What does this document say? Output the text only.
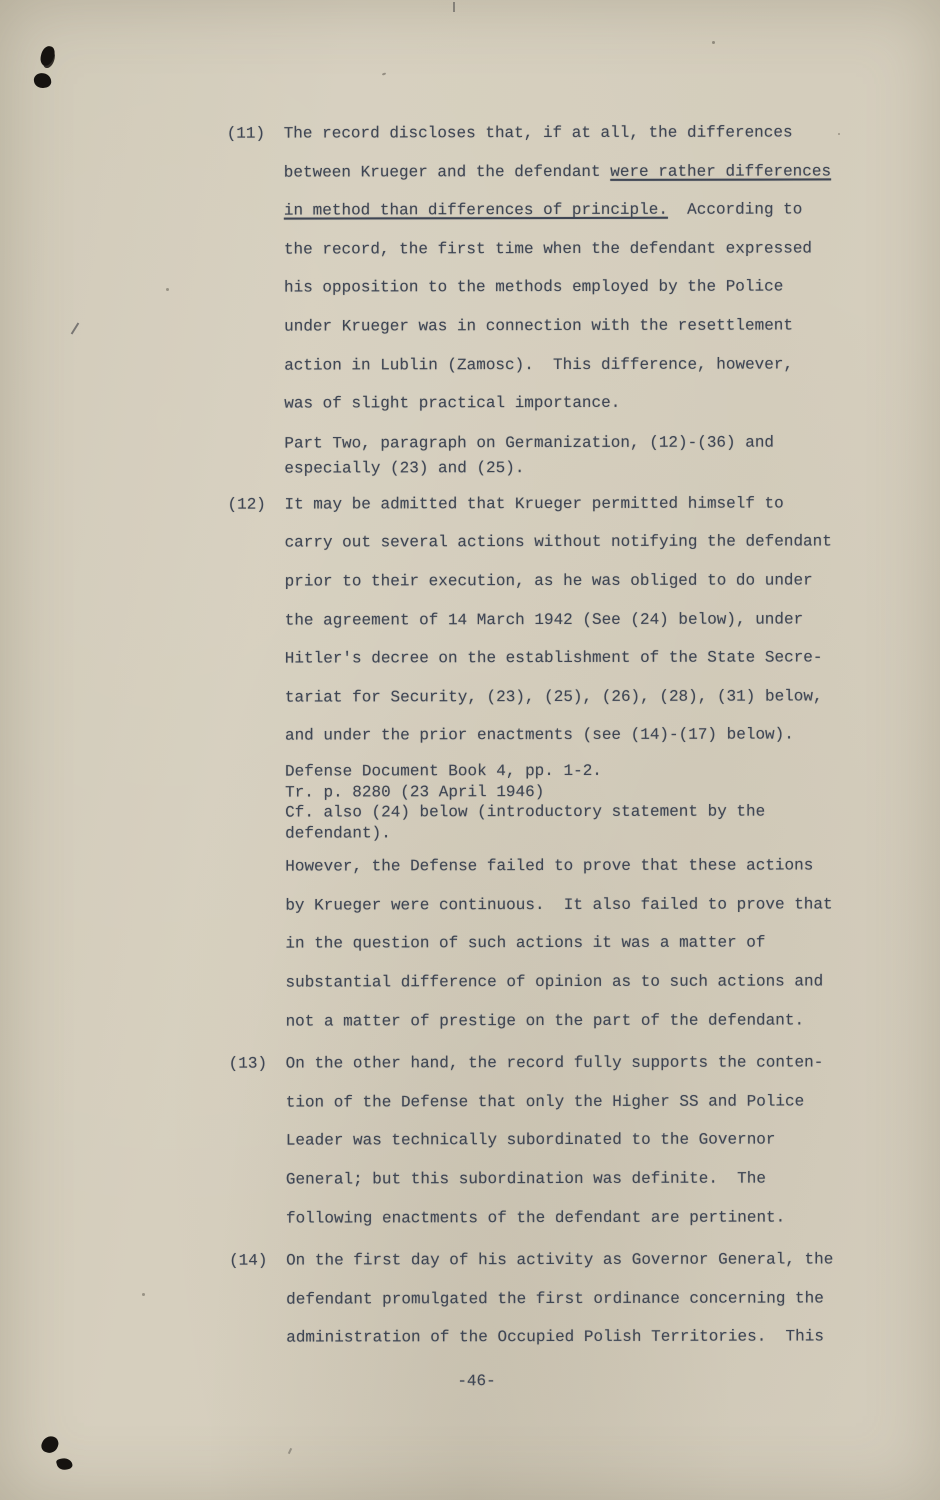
(11)	The record discloses that, if at all, the differences
between Krueger and the defendant were rather differences
in method than differences of principle.  According to
the record, the first time when the defendant expressed
his opposition to the methods employed by the Police
under Krueger was in connection with the resettlement
action in Lublin (Zamosc).  This difference, however,
was of slight practical importance.
Part Two, paragraph on Germanization, (12)-(36) and
especially (23) and (25).
(12)	It may be admitted that Krueger permitted himself to
carry out several actions without notifying the defendant
prior to their execution, as he was obliged to do under
the agreement of 14 March 1942 (See (24) below), under
Hitler's decree on the establishment of the State Secre-
tariat for Security, (23), (25), (26), (28), (31) below,
and under the prior enactments (see (14)-(17) below).
Defense Document Book 4, pp. 1-2.
Tr. p. 8280 (23 April 1946)
Cf. also (24) below (introductory statement by the
defendant).
However, the Defense failed to prove that these actions
by Krueger were continuous.  It also failed to prove that
in the question of such actions it was a matter of
substantial difference of opinion as to such actions and
not a matter of prestige on the part of the defendant.
(13)	On the other hand, the record fully supports the conten-
tion of the Defense that only the Higher SS and Police
Leader was technically subordinated to the Governor
General; but this subordination was definite.  The
following enactments of the defendant are pertinent.
(14)	On the first day of his activity as Governor General, the
defendant promulgated the first ordinance concerning the
administration of the Occupied Polish Territories.  This
-46-
